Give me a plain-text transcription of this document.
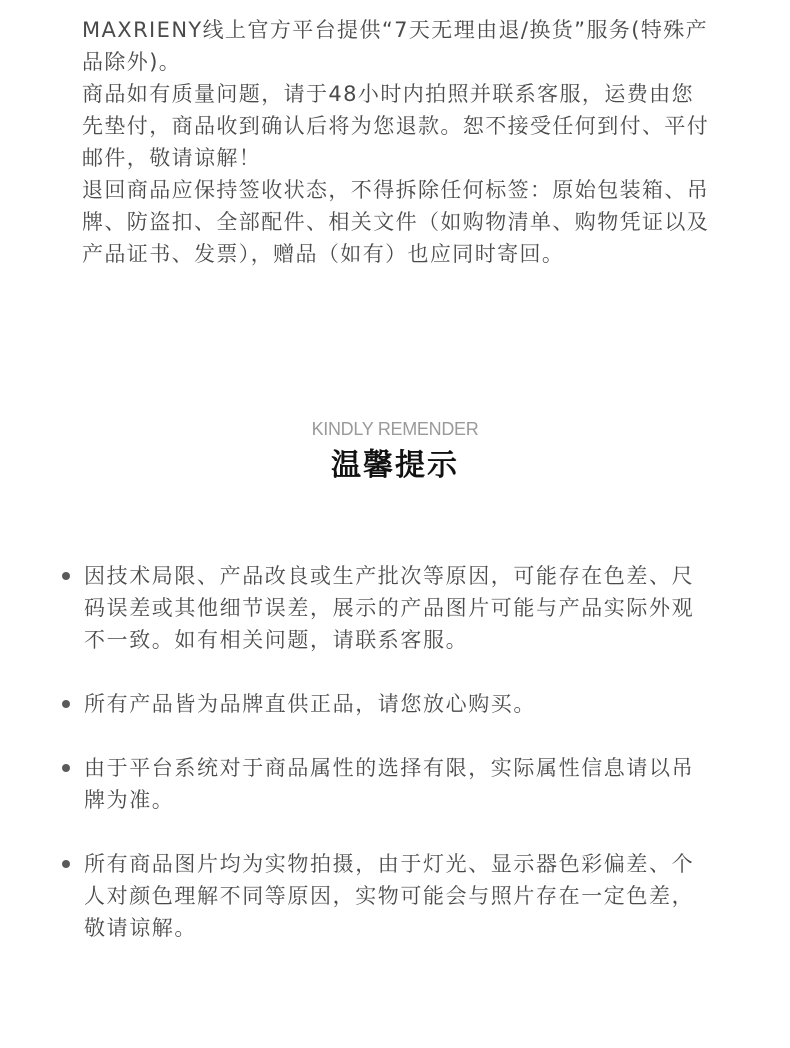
MAXRIENY线上官方平台提供“7天无理由退/换货”服务(特殊产品除外)。

商品如有质量问题，请于48小时内拍照并联系客服，运费由您先垫付，商品收到确认后将为您退款。恕不接受任何到付、平付邮件，敬请谅解！

退回商品应保持签收状态，不得拆除任何标签：原始包装箱、吊牌、防盗扣、全部配件、相关文件（如购物清单、购物凭证以及产品证书、发票），赠品（如有）也应同时寄回。

KINDLY REMENDER
温馨提示
因技术局限、产品改良或生产批次等原因，可能存在色差、尺码误差或其他细节误差，展示的产品图片可能与产品实际外观不一致。如有相关问题，请联系客服。
所有产品皆为品牌直供正品，请您放心购买。
由于平台系统对于商品属性的选择有限，实际属性信息请以吊牌为准。
所有商品图片均为实物拍摄，由于灯光、显示器色彩偏差、个人对颜色理解不同等原因，实物可能会与照片存在一定色差，敬请谅解。
